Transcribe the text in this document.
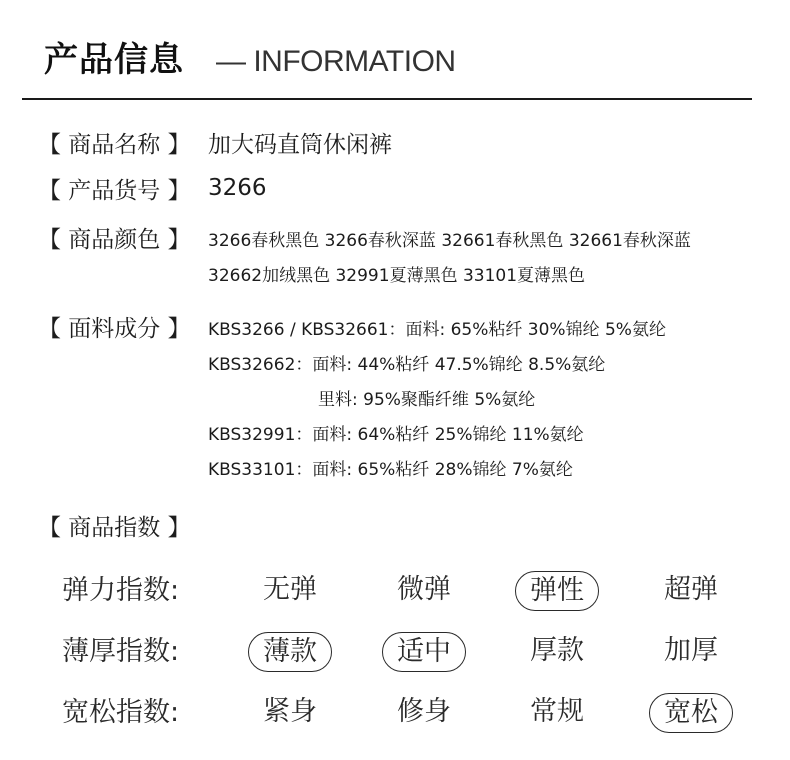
产品信息 — INFORMATION
【 商品名称 】 加大码直筒休闲裤
【 产品货号 】 3266
【 商品颜色 】 3266春秋黑色 3266春秋深蓝 32661春秋黑色 32661春秋深蓝
32662加绒黑色 32991夏薄黑色 33101夏薄黑色
【 面料成分 】 KBS3266 / KBS32661：面料: 65%粘纤 30%锦纶 5%氨纶
KBS32662：面料: 44%粘纤 47.5%锦纶 8.5%氨纶
里料: 95%聚酯纤维 5%氨纶
KBS32991：面料: 64%粘纤 25%锦纶 11%氨纶
KBS33101：面料: 65%粘纤 28%锦纶 7%氨纶
【 商品指数 】
弹力指数:	无弹	微弹	弹性	超弹
薄厚指数:	薄款	适中	厚款	加厚
宽松指数:	紧身	修身	常规	宽松
